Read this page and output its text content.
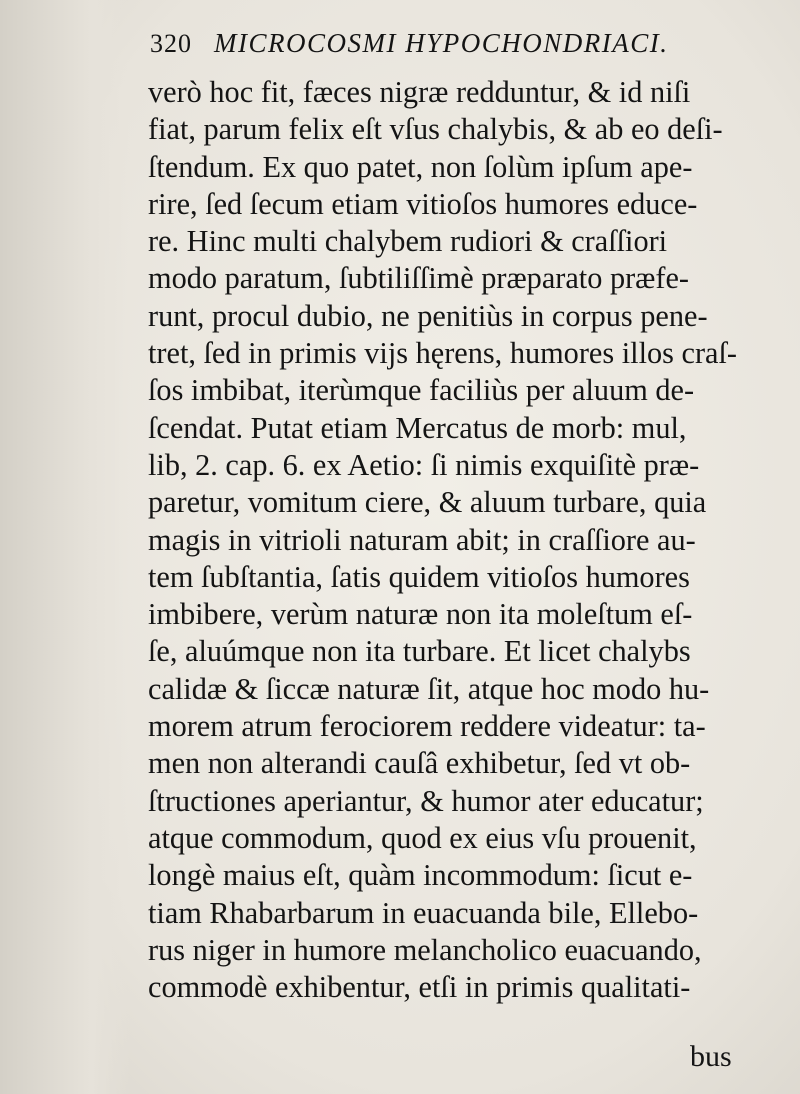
320 MICROCOSMI HYPOCHONDRIACI.
verò hoc fit, fæces nigræ redduntur, & id niſi
fiat, parum felix eſt vſus chalybis, & ab eo deſi-
ſtendum. Ex quo patet, non ſolùm ipſum ape-
rire, ſed ſecum etiam vitioſos humores educe-
re. Hinc multi chalybem rudiori & craſſiori
modo paratum, ſubtiliſſimè præparato præfe-
runt, procul dubio, ne penitiùs in corpus pene-
tret, ſed in primis vijs hęrens, humores illos craſ-
ſos imbibat, iterùmque faciliùs per aluum de-
ſcendat. Putat etiam Mercatus de morb: mul,
lib, 2. cap. 6. ex Aetio: ſi nimis exquiſitè præ-
paretur, vomitum ciere, & aluum turbare, quia
magis in vitrioli naturam abit; in craſſiore au-
tem ſubſtantia, ſatis quidem vitioſos humores
imbibere, verùm naturæ non ita moleſtum eſ-
ſe, aluúmque non ita turbare. Et licet chalybs
calidæ & ſiccæ naturæ ſit, atque hoc modo hu-
morem atrum ferociorem reddere videatur: ta-
men non alterandi cauſâ exhibetur, ſed vt ob-
ſtructiones aperiantur, & humor ater educatur;
atque commodum, quod ex eius vſu prouenit,
longè maius eſt, quàm incommodum: ſicut e-
tiam Rhabarbarum in euacuanda bile, Ellebo-
rus niger in humore melancholico euacuando,
commodè exhibentur, etſi in primis qualitati-
bus
